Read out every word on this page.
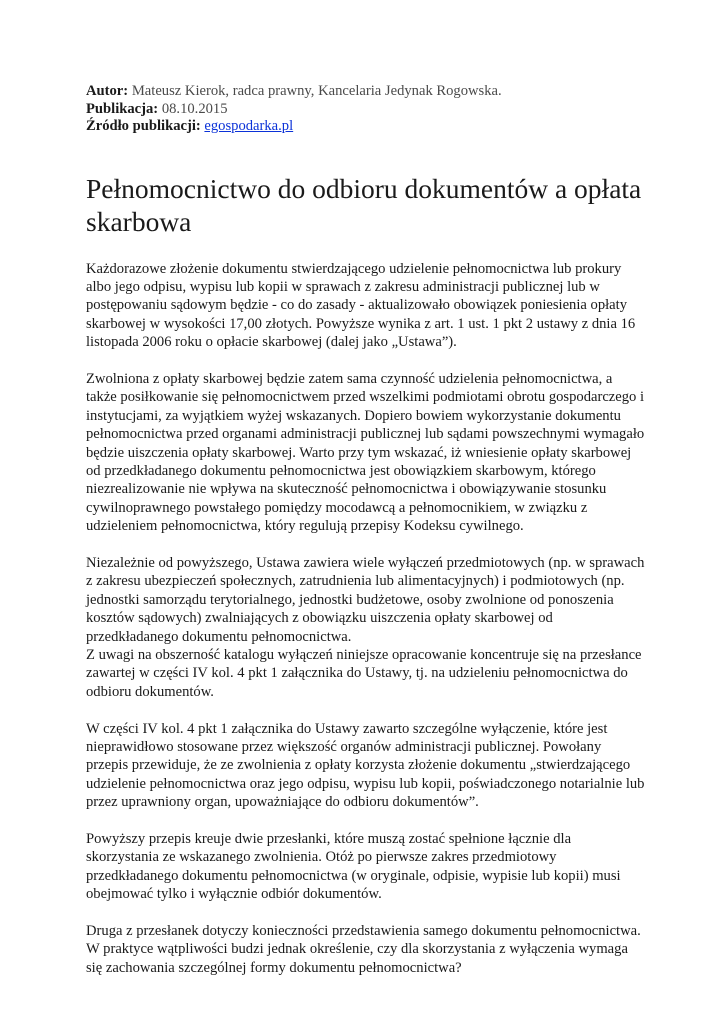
Autor: Mateusz Kierok, radca prawny, Kancelaria Jedynak Rogowska.
Publikacja: 08.10.2015
Źródło publikacji: egospodarka.pl
Pełnomocnictwo do odbioru dokumentów a opłata skarbowa

Każdorazowe złożenie dokumentu stwierdzającego udzielenie pełnomocnictwa lub prokury albo jego odpisu, wypisu lub kopii w sprawach z zakresu administracji publicznej lub w postępowaniu sądowym będzie - co do zasady - aktualizowało obowiązek poniesienia opłaty skarbowej w wysokości 17,00 złotych. Powyższe wynika z art. 1 ust. 1 pkt 2 ustawy z dnia 16 listopada 2006 roku o opłacie skarbowej (dalej jako „Ustawa”).

Zwolniona z opłaty skarbowej będzie zatem sama czynność udzielenia pełnomocnictwa, a także posiłkowanie się pełnomocnictwem przed wszelkimi podmiotami obrotu gospodarczego i instytucjami, za wyjątkiem wyżej wskazanych. Dopiero bowiem wykorzystanie dokumentu pełnomocnictwa przed organami administracji publicznej lub sądami powszechnymi wymagało będzie uiszczenia opłaty skarbowej. Warto przy tym wskazać, iż wniesienie opłaty skarbowej od przedkładanego dokumentu pełnomocnictwa jest obowiązkiem skarbowym, którego niezrealizowanie nie wpływa na skuteczność pełnomocnictwa i obowiązywanie stosunku cywilnoprawnego powstałego pomiędzy mocodawcą a pełnomocnikiem, w związku z udzieleniem pełnomocnictwa, który regulują przepisy Kodeksu cywilnego.

Niezależnie od powyższego, Ustawa zawiera wiele wyłączeń przedmiotowych (np. w sprawach z zakresu ubezpieczeń społecznych, zatrudnienia lub alimentacyjnych) i podmiotowych (np. jednostki samorządu terytorialnego, jednostki budżetowe, osoby zwolnione od ponoszenia kosztów sądowych) zwalniających z obowiązku uiszczenia opłaty skarbowej od przedkładanego dokumentu pełnomocnictwa.

Z uwagi na obszerność katalogu wyłączeń niniejsze opracowanie koncentruje się na przesłance zawartej w części IV kol. 4 pkt 1 załącznika do Ustawy, tj. na udzieleniu pełnomocnictwa do odbioru dokumentów.

W części IV kol. 4 pkt 1 załącznika do Ustawy zawarto szczególne wyłączenie, które jest nieprawidłowo stosowane przez większość organów administracji publicznej. Powołany przepis przewiduje, że ze zwolnienia z opłaty korzysta złożenie dokumentu „stwierdzającego udzielenie pełnomocnictwa oraz jego odpisu, wypisu lub kopii, poświadczonego notarialnie lub przez uprawniony organ, upoważniające do odbioru dokumentów”.

Powyższy przepis kreuje dwie przesłanki, które muszą zostać spełnione łącznie dla skorzystania ze wskazanego zwolnienia. Otóż po pierwsze zakres przedmiotowy przedkładanego dokumentu pełnomocnictwa (w oryginale, odpisie, wypisie lub kopii) musi obejmować tylko i wyłącznie odbiór dokumentów.

Druga z przesłanek dotyczy konieczności przedstawienia samego dokumentu pełnomocnictwa. W praktyce wątpliwości budzi jednak określenie, czy dla skorzystania z wyłączenia wymaga się zachowania szczególnej formy dokumentu pełnomocnictwa?
